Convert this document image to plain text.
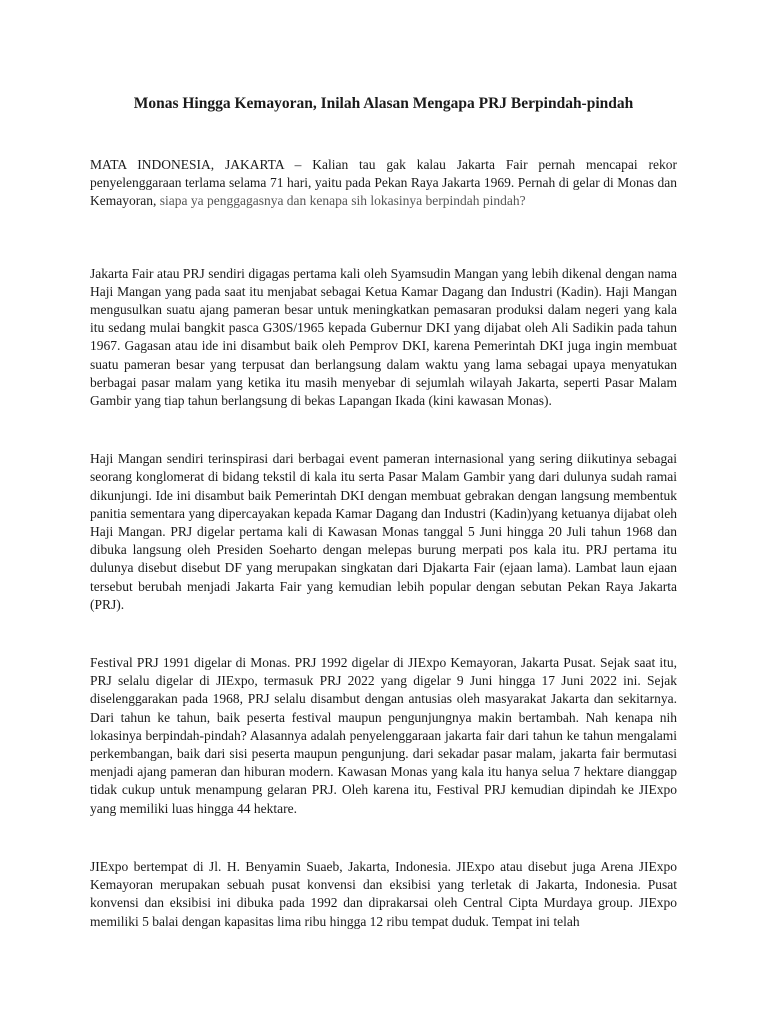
Monas Hingga Kemayoran, Inilah Alasan Mengapa PRJ Berpindah-pindah

MATA INDONESIA, JAKARTA – Kalian tau gak kalau Jakarta Fair pernah mencapai rekor penyelenggaraan terlama selama 71 hari, yaitu pada Pekan Raya Jakarta 1969. Pernah di gelar di Monas dan Kemayoran, siapa ya penggagasnya dan kenapa sih lokasinya berpindah pindah?

Jakarta Fair atau PRJ sendiri digagas pertama kali oleh Syamsudin Mangan yang lebih dikenal dengan nama Haji Mangan yang pada saat itu menjabat sebagai Ketua Kamar Dagang dan Industri (Kadin). Haji Mangan mengusulkan suatu ajang pameran besar untuk meningkatkan pemasaran produksi dalam negeri yang kala itu sedang mulai bangkit pasca G30S/1965 kepada Gubernur DKI yang dijabat oleh Ali Sadikin pada tahun 1967. Gagasan atau ide ini disambut baik oleh Pemprov DKI, karena Pemerintah DKI juga ingin membuat suatu pameran besar yang terpusat dan berlangsung dalam waktu yang lama sebagai upaya menyatukan berbagai pasar malam yang ketika itu masih menyebar di sejumlah wilayah Jakarta, seperti Pasar Malam Gambir yang tiap tahun berlangsung di bekas Lapangan Ikada (kini kawasan Monas).

Haji Mangan sendiri terinspirasi dari berbagai event pameran internasional yang sering diikutinya sebagai seorang konglomerat di bidang tekstil di kala itu serta Pasar Malam Gambir yang dari dulunya sudah ramai dikunjungi. Ide ini disambut baik Pemerintah DKI dengan membuat gebrakan dengan langsung membentuk panitia sementara yang dipercayakan kepada Kamar Dagang dan Industri (Kadin)yang ketuanya dijabat oleh Haji Mangan. PRJ digelar pertama kali di Kawasan Monas tanggal 5 Juni hingga 20 Juli tahun 1968 dan dibuka langsung oleh Presiden Soeharto dengan melepas burung merpati pos kala itu. PRJ pertama itu dulunya disebut disebut DF yang merupakan singkatan dari Djakarta Fair (ejaan lama). Lambat laun ejaan tersebut berubah menjadi Jakarta Fair yang kemudian lebih popular dengan sebutan Pekan Raya Jakarta (PRJ).

Festival PRJ 1991 digelar di Monas. PRJ 1992 digelar di JIExpo Kemayoran, Jakarta Pusat. Sejak saat itu, PRJ selalu digelar di JIExpo, termasuk PRJ 2022 yang digelar 9 Juni hingga 17 Juni 2022 ini. Sejak diselenggarakan pada 1968, PRJ selalu disambut dengan antusias oleh masyarakat Jakarta dan sekitarnya. Dari tahun ke tahun, baik peserta festival maupun pengunjungnya makin bertambah. Nah kenapa nih lokasinya berpindah-pindah? Alasannya adalah penyelenggaraan jakarta fair dari tahun ke tahun mengalami perkembangan, baik dari sisi peserta maupun pengunjung. dari sekadar pasar malam, jakarta fair bermutasi menjadi ajang pameran dan hiburan modern. Kawasan Monas yang kala itu hanya selua 7 hektare dianggap tidak cukup untuk menampung gelaran PRJ. Oleh karena itu, Festival PRJ kemudian dipindah ke JIExpo yang memiliki luas hingga 44 hektare.

JIExpo bertempat di Jl. H. Benyamin Suaeb, Jakarta, Indonesia. JIExpo atau disebut juga Arena JIExpo Kemayoran merupakan sebuah pusat konvensi dan eksibisi yang terletak di Jakarta, Indonesia. Pusat konvensi dan eksibisi ini dibuka pada 1992 dan diprakarsai oleh Central Cipta Murdaya group. JIExpo memiliki 5 balai dengan kapasitas lima ribu hingga 12 ribu tempat duduk. Tempat ini telah
